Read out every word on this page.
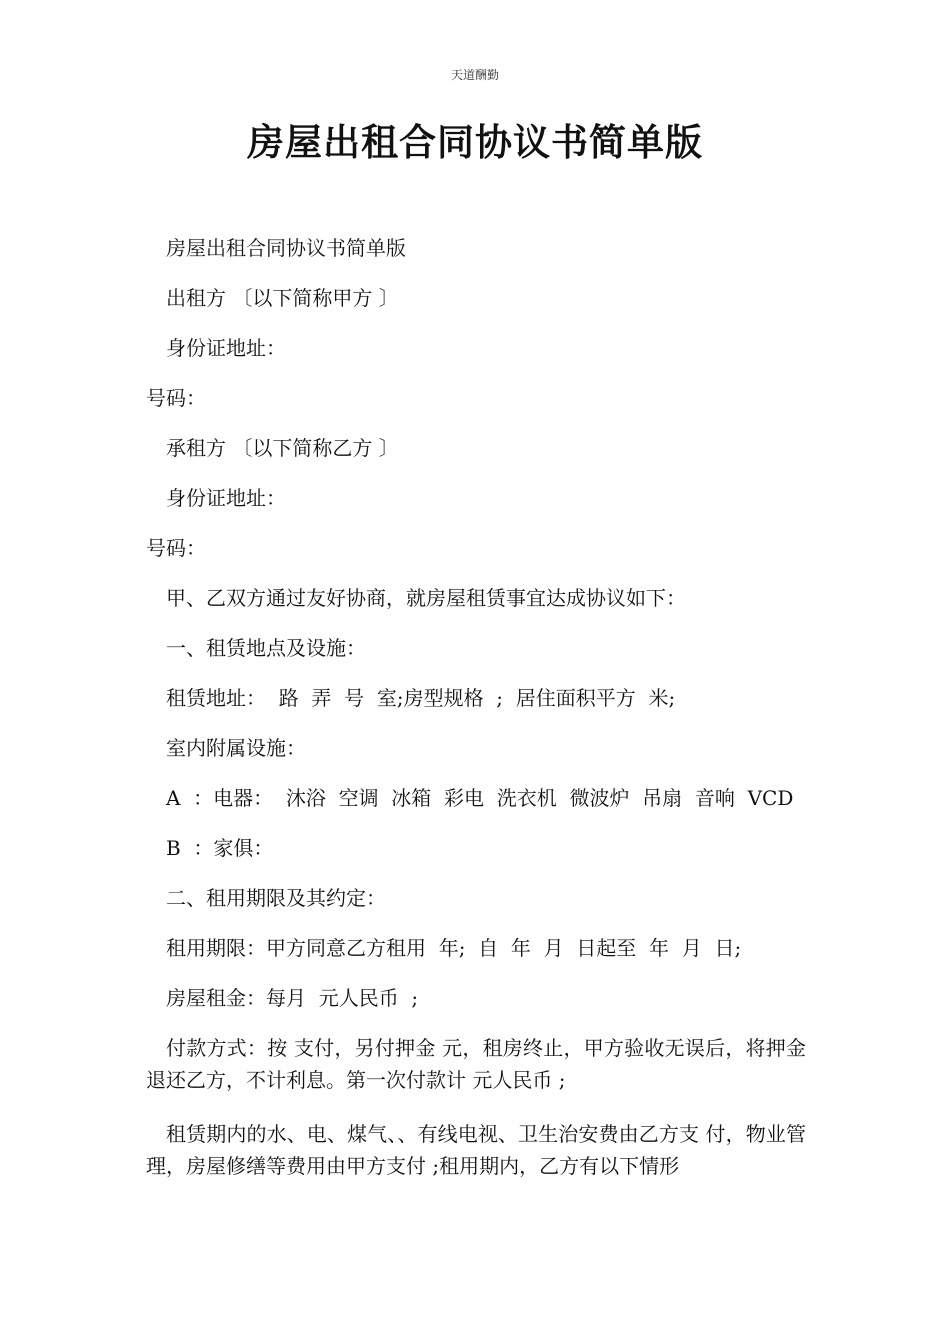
天道酬勤
房屋出租合同协议书简单版

房屋出租合同协议书简单版

出租方 〔以下简称甲方 〕

身份证地址：

号码：

承租方 〔以下简称乙方 〕

身份证地址：

号码：

甲、乙双方通过友好协商，就房屋租赁事宜达成协议如下：

一、租赁地点及设施：

租赁地址：  路  弄  号  室;房型规格  ;  居住面积平方  米;

室内附属设施：

A  ：电器：  沐浴  空调  冰箱  彩电  洗衣机  微波炉  吊扇  音响  VCD

B  ：家俱：

二、租用期限及其约定：

租用期限：甲方同意乙方租用  年;  自  年  月  日起至  年  月  日;

房屋租金：每月  元人民币  ;

付款方式：按 支付，另付押金 元，租房终止，甲方验收无误后，将押金退还乙方，不计利息。第一次付款计 元人民币 ;

租赁期内的水、电、煤气、、有线电视、卫生治安费由乙方支 付，物业管理，房屋修缮等费用由甲方支付 ;租用期内，乙方有以下情形
